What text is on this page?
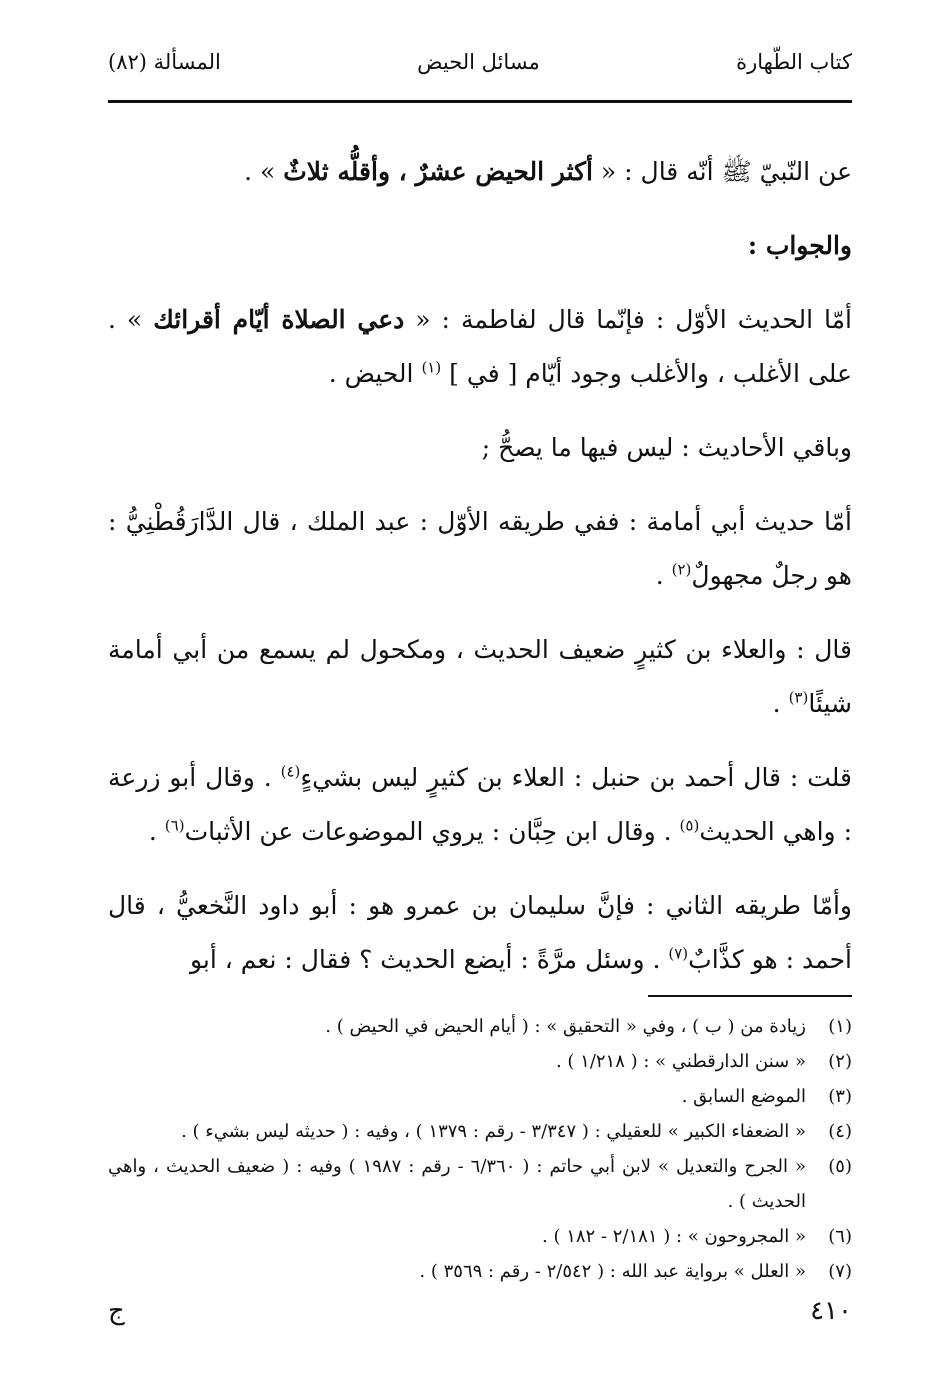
كتاب الطّهارة
مسائل الحيض
المسألة (٨٢)

عن النّبيّ ﷺ أنّه قال : « أكثر الحيض عشرٌ ، وأقلُّه ثلاثٌ » .

والجواب :

أمّا الحديث الأوّل : فإنّما قال لفاطمة : « دعي الصلاة أيّام أقرائك » . على الأغلب ، والأغلب وجود أيّام [ في ] $^{(١)}$ الحيض .

وباقي الأحاديث : ليس فيها ما يصحُّ ;

أمّا حديث أبي أمامة : ففي طريقه الأوّل : عبد الملك ، قال الدَّارَقُطْنِيُّ : هو رجلٌ مجهولٌ$^{(٢)}$ .

قال : والعلاء بن كثيرٍ ضعيف الحديث ، ومكحول لم يسمع من أبي أمامة شيئًا$^{(٣)}$ .

قلت : قال أحمد بن حنبل : العلاء بن كثيرٍ ليس بشيءٍ$^{(٤)}$ . وقال أبو زرعة : واهي الحديث$^{(٥)}$ . وقال ابن حِبَّان : يروي الموضوعات عن الأثبات$^{(٦)}$ .

وأمّا طريقه الثاني : فإنَّ سليمان بن عمرو هو : أبو داود النَّخعيُّ ، قال أحمد : هو كذَّابٌ$^{(٧)}$ . وسئل مرَّةً : أيضع الحديث ؟ فقال : نعم ، أبو

(١)
زيادة من ( ب ) ، وفي « التحقيق » : ( أيام الحيض في الحيض ) .
(٢)
« سنن الدارقطني » : ( ١/٢١٨ ) .
(٣)
الموضع السابق .
(٤)
« الضعفاء الكبير » للعقيلي : ( ٣/٣٤٧ - رقم : ١٣٧٩ ) ، وفيه : ( حديثه ليس بشيء ) .
(٥)
« الجرح والتعديل » لابن أبي حاتم : ( ٦/٣٦٠ - رقم : ١٩٨٧ ) وفيه : ( ضعيف الحديث ، واهي الحديث ) .
(٦)
« المجروحون » : ( ٢/١٨١ - ١٨٢ ) .
(٧)
« العلل » برواية عبد الله : ( ٢/٥٤٢ - رقم : ٣٥٦٩ ) .
٤١٠
ج
